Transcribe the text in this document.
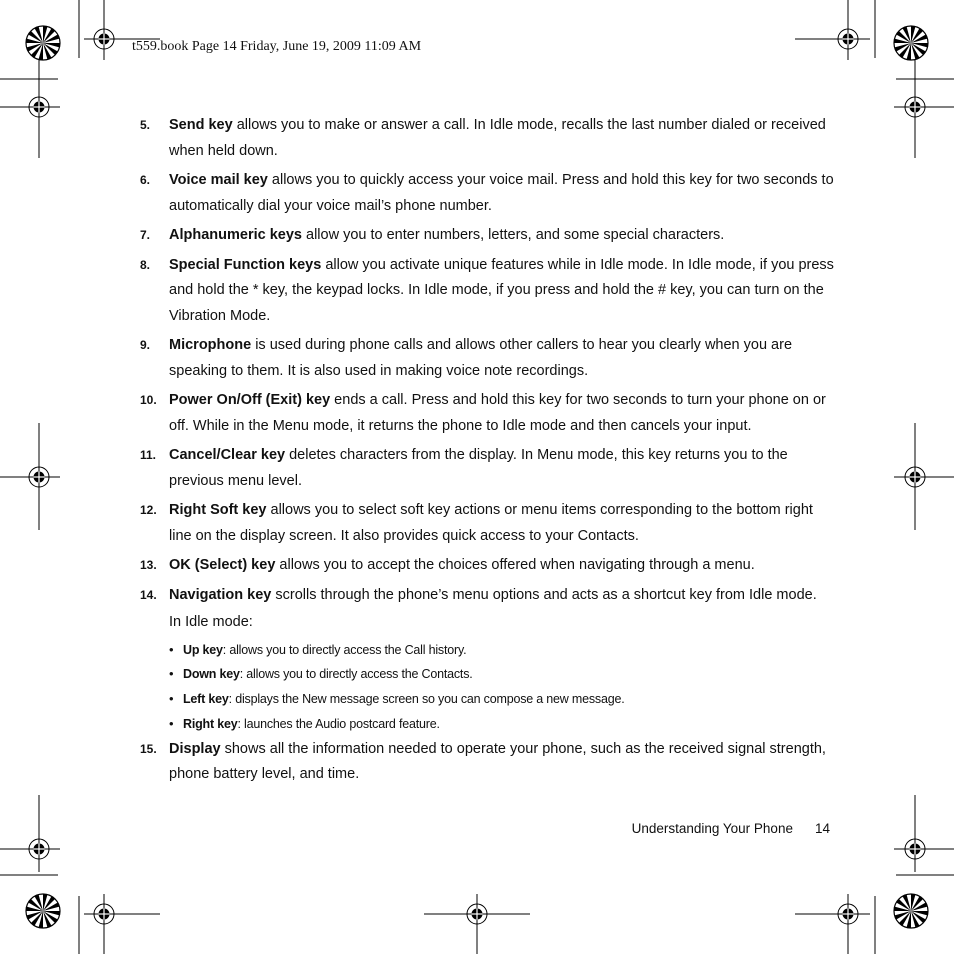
t559.book Page 14 Friday, June 19, 2009 11:09 AM
5. Send key allows you to make or answer a call. In Idle mode, recalls the last number dialed or received when held down.
6. Voice mail key allows you to quickly access your voice mail. Press and hold this key for two seconds to automatically dial your voice mail’s phone number.
7. Alphanumeric keys allow you to enter numbers, letters, and some special characters.
8. Special Function keys allow you activate unique features while in Idle mode. In Idle mode, if you press and hold the * key, the keypad locks. In Idle mode, if you press and hold the # key, you can turn on the Vibration Mode.
9. Microphone is used during phone calls and allows other callers to hear you clearly when you are speaking to them. It is also used in making voice note recordings.
10. Power On/Off (Exit) key ends a call. Press and hold this key for two seconds to turn your phone on or off. While in the Menu mode, it returns the phone to Idle mode and then cancels your input.
11. Cancel/Clear key deletes characters from the display. In Menu mode, this key returns you to the previous menu level.
12. Right Soft key allows you to select soft key actions or menu items corresponding to the bottom right line on the display screen. It also provides quick access to your Contacts.
13. OK (Select) key allows you to accept the choices offered when navigating through a menu.
14. Navigation key scrolls through the phone’s menu options and acts as a shortcut key from Idle mode.
In Idle mode:
• Up key: allows you to directly access the Call history.
• Down key: allows you to directly access the Contacts.
• Left key: displays the New message screen so you can compose a new message.
• Right key: launches the Audio postcard feature.
15. Display shows all the information needed to operate your phone, such as the received signal strength, phone battery level, and time.
Understanding Your Phone 14
